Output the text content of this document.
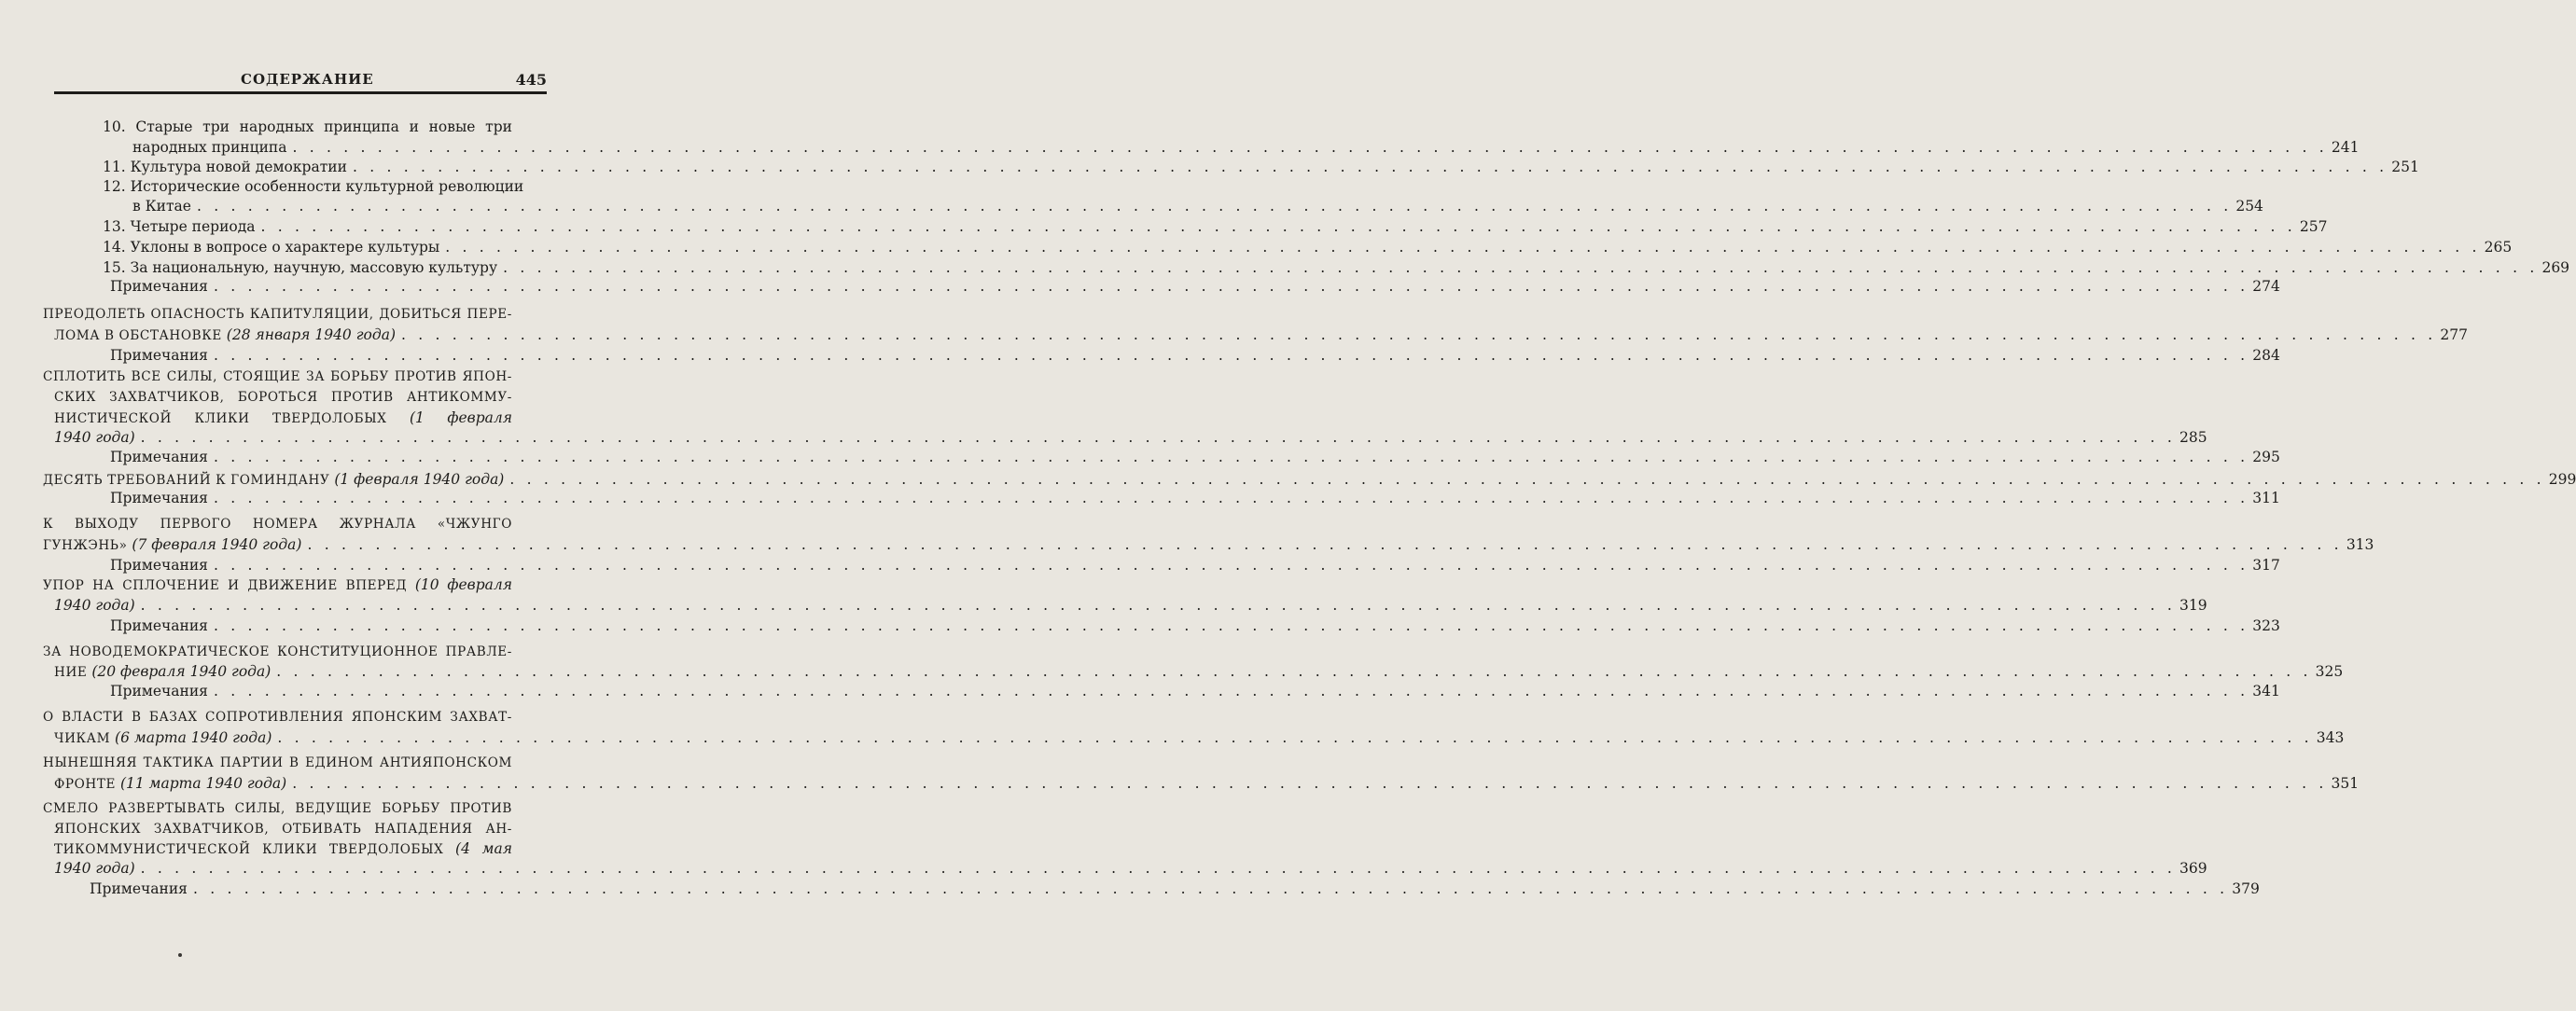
СОДЕРЖАНИЕ	445
10. Старые три народных принципа и новые три
народных принципа . . . . . . . . . . . . . . . . . . . . . . . . . . . . . . . . . . . . . . . . . . . . . . . . . . . . . . . . . . . . . . . . . . . . . . . . . . . . . . . . . . . . . . . . . . . . . . . . . . . . . . . . . . . . . . . . . . . . . . . . 241
11. Культура новой демократии . . . . . . . . . . . . . . . . . . . . . . . . . . . . . . . . . . . . . . . . . . . . . . . . . . . . . . . . . . . . . . . . . . . . . . . . . . . . . . . . . . . . . . . . . . . . . . . . . . . . . . . . . . . . . . . . . . . . . . . . 251
12. Исторические особенности культурной революции
в Китае . . . . . . . . . . . . . . . . . . . . . . . . . . . . . . . . . . . . . . . . . . . . . . . . . . . . . . . . . . . . . . . . . . . . . . . . . . . . . . . . . . . . . . . . . . . . . . . . . . . . . . . . . . . . . . . . . . . . . . . . 254
13. Четыре периода . . . . . . . . . . . . . . . . . . . . . . . . . . . . . . . . . . . . . . . . . . . . . . . . . . . . . . . . . . . . . . . . . . . . . . . . . . . . . . . . . . . . . . . . . . . . . . . . . . . . . . . . . . . . . . . . . . . . . . . . 257
14. Уклоны в вопросе о характере культуры . . . . . . . . . . . . . . . . . . . . . . . . . . . . . . . . . . . . . . . . . . . . . . . . . . . . . . . . . . . . . . . . . . . . . . . . . . . . . . . . . . . . . . . . . . . . . . . . . . . . . . . . . . . . . . . . . . . . . . . . 265
15. За национальную, научную, массовую культуру . . . . . . . . . . . . . . . . . . . . . . . . . . . . . . . . . . . . . . . . . . . . . . . . . . . . . . . . . . . . . . . . . . . . . . . . . . . . . . . . . . . . . . . . . . . . . . . . . . . . . . . . . . . . . . . . . . . . . . . . 269
Примечания . . . . . . . . . . . . . . . . . . . . . . . . . . . . . . . . . . . . . . . . . . . . . . . . . . . . . . . . . . . . . . . . . . . . . . . . . . . . . . . . . . . . . . . . . . . . . . . . . . . . . . . . . . . . . . . . . . . . . . . . 274
ПРЕОДОЛЕТЬ ОПАСНОСТЬ КАПИТУЛЯЦИИ, ДОБИТЬСЯ ПЕРЕ-
ЛОМА В ОБСТАНОВКЕ (28 января 1940 года) . . . . . . . . . . . . . . . . . . . . . . . . . . . . . . . . . . . . . . . . . . . . . . . . . . . . . . . . . . . . . . . . . . . . . . . . . . . . . . . . . . . . . . . . . . . . . . . . . . . . . . . . . . . . . . . . . . . . . . . . 277
Примечания . . . . . . . . . . . . . . . . . . . . . . . . . . . . . . . . . . . . . . . . . . . . . . . . . . . . . . . . . . . . . . . . . . . . . . . . . . . . . . . . . . . . . . . . . . . . . . . . . . . . . . . . . . . . . . . . . . . . . . . . 284
СПЛОТИТЬ ВСЕ СИЛЫ, СТОЯЩИЕ ЗА БОРЬБУ ПРОТИВ ЯПОН-
СКИХ ЗАХВАТЧИКОВ, БОРОТЬСЯ ПРОТИВ АНТИКОММУ-
НИСТИЧЕСКОЙ КЛИКИ ТВЕРДОЛОБЫХ (1 февраля
1940 года) . . . . . . . . . . . . . . . . . . . . . . . . . . . . . . . . . . . . . . . . . . . . . . . . . . . . . . . . . . . . . . . . . . . . . . . . . . . . . . . . . . . . . . . . . . . . . . . . . . . . . . . . . . . . . . . . . . . . . . . . 285
Примечания . . . . . . . . . . . . . . . . . . . . . . . . . . . . . . . . . . . . . . . . . . . . . . . . . . . . . . . . . . . . . . . . . . . . . . . . . . . . . . . . . . . . . . . . . . . . . . . . . . . . . . . . . . . . . . . . . . . . . . . . 295
ДЕСЯТЬ ТРЕБОВАНИЙ К ГОМИНДАНУ (1 февраля 1940 года) . . . . . . . . . . . . . . . . . . . . . . . . . . . . . . . . . . . . . . . . . . . . . . . . . . . . . . . . . . . . . . . . . . . . . . . . . . . . . . . . . . . . . . . . . . . . . . . . . . . . . . . . . . . . . . . . . . . . . . . . 299
Примечания . . . . . . . . . . . . . . . . . . . . . . . . . . . . . . . . . . . . . . . . . . . . . . . . . . . . . . . . . . . . . . . . . . . . . . . . . . . . . . . . . . . . . . . . . . . . . . . . . . . . . . . . . . . . . . . . . . . . . . . . 311
К ВЫХОДУ ПЕРВОГО НОМЕРА ЖУРНАЛА «ЧЖУНГО
ГУНЖЭНЬ» (7 февраля 1940 года) . . . . . . . . . . . . . . . . . . . . . . . . . . . . . . . . . . . . . . . . . . . . . . . . . . . . . . . . . . . . . . . . . . . . . . . . . . . . . . . . . . . . . . . . . . . . . . . . . . . . . . . . . . . . . . . . . . . . . . . . 313
Примечания . . . . . . . . . . . . . . . . . . . . . . . . . . . . . . . . . . . . . . . . . . . . . . . . . . . . . . . . . . . . . . . . . . . . . . . . . . . . . . . . . . . . . . . . . . . . . . . . . . . . . . . . . . . . . . . . . . . . . . . . 317
УПОР НА СПЛОЧЕНИЕ И ДВИЖЕНИЕ ВПЕРЕД (10 февраля
1940 года) . . . . . . . . . . . . . . . . . . . . . . . . . . . . . . . . . . . . . . . . . . . . . . . . . . . . . . . . . . . . . . . . . . . . . . . . . . . . . . . . . . . . . . . . . . . . . . . . . . . . . . . . . . . . . . . . . . . . . . . . 319
Примечания . . . . . . . . . . . . . . . . . . . . . . . . . . . . . . . . . . . . . . . . . . . . . . . . . . . . . . . . . . . . . . . . . . . . . . . . . . . . . . . . . . . . . . . . . . . . . . . . . . . . . . . . . . . . . . . . . . . . . . . . 323
ЗА НОВОДЕМОКРАТИЧЕСКОЕ КОНСТИТУЦИОННОЕ ПРАВЛЕ-
НИЕ (20 февраля 1940 года) . . . . . . . . . . . . . . . . . . . . . . . . . . . . . . . . . . . . . . . . . . . . . . . . . . . . . . . . . . . . . . . . . . . . . . . . . . . . . . . . . . . . . . . . . . . . . . . . . . . . . . . . . . . . . . . . . . . . . . . . 325
Примечания . . . . . . . . . . . . . . . . . . . . . . . . . . . . . . . . . . . . . . . . . . . . . . . . . . . . . . . . . . . . . . . . . . . . . . . . . . . . . . . . . . . . . . . . . . . . . . . . . . . . . . . . . . . . . . . . . . . . . . . . 341
О ВЛАСТИ В БАЗАХ СОПРОТИВЛЕНИЯ ЯПОНСКИМ ЗАХВАТ-
ЧИКАМ (6 марта 1940 года) . . . . . . . . . . . . . . . . . . . . . . . . . . . . . . . . . . . . . . . . . . . . . . . . . . . . . . . . . . . . . . . . . . . . . . . . . . . . . . . . . . . . . . . . . . . . . . . . . . . . . . . . . . . . . . . . . . . . . . . . 343
НЫНЕШНЯЯ ТАКТИКА ПАРТИИ В ЕДИНОМ АНТИЯПОНСКОМ
ФРОНТЕ (11 марта 1940 года) . . . . . . . . . . . . . . . . . . . . . . . . . . . . . . . . . . . . . . . . . . . . . . . . . . . . . . . . . . . . . . . . . . . . . . . . . . . . . . . . . . . . . . . . . . . . . . . . . . . . . . . . . . . . . . . . . . . . . . . . 351
СМЕЛО РАЗВЕРТЫВАТЬ СИЛЫ, ВЕДУЩИЕ БОРЬБУ ПРОТИВ
ЯПОНСКИХ ЗАХВАТЧИКОВ, ОТБИВАТЬ НАПАДЕНИЯ АН-
ТИКОММУНИСТИЧЕСКОЙ КЛИКИ ТВЕРДОЛОБЫХ (4 мая
1940 года) . . . . . . . . . . . . . . . . . . . . . . . . . . . . . . . . . . . . . . . . . . . . . . . . . . . . . . . . . . . . . . . . . . . . . . . . . . . . . . . . . . . . . . . . . . . . . . . . . . . . . . . . . . . . . . . . . . . . . . . . 369
Примечания . . . . . . . . . . . . . . . . . . . . . . . . . . . . . . . . . . . . . . . . . . . . . . . . . . . . . . . . . . . . . . . . . . . . . . . . . . . . . . . . . . . . . . . . . . . . . . . . . . . . . . . . . . . . . . . . . . . . . . . . 379
